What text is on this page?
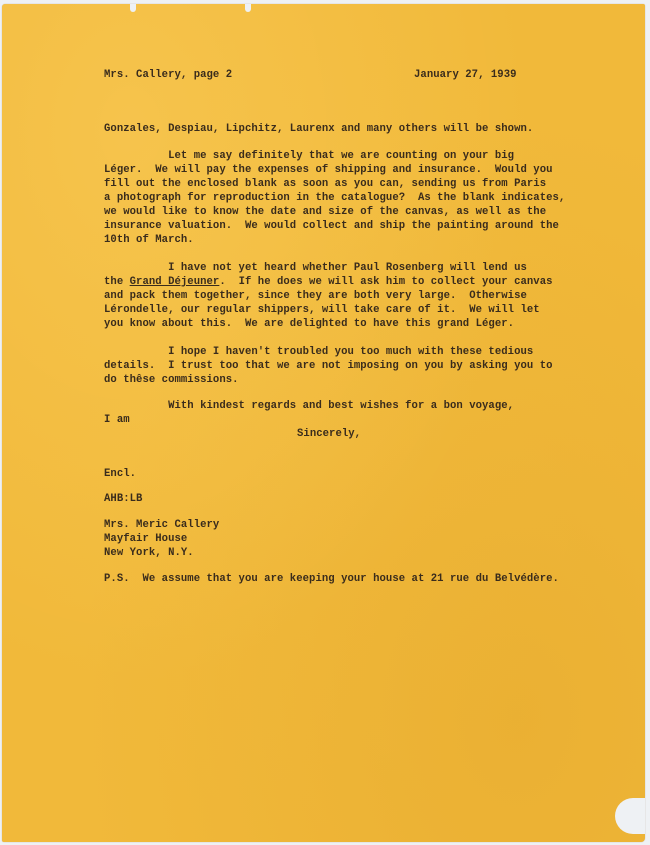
Mrs. Callery, page 2	January 27, 1939
Gonzales, Despiau, Lipchitz, Laurenx and many others will be shown.
Let me say definitely that we are counting on your big
Léger.  We will pay the expenses of shipping and insurance.  Would you
fill out the enclosed blank as soon as you can, sending us from Paris
a photograph for reproduction in the catalogue?  As the blank indicates,
we would like to know the date and size of the canvas, as well as the
insurance valuation.  We would collect and ship the painting around the
10th of March.
I have not yet heard whether Paul Rosenberg will lend us
the Grand Déjeuner.  If he does we will ask him to collect your canvas
and pack them together, since they are both very large.  Otherwise
Lérondelle, our regular shippers, will take care of it.  We will let
you know about this.  We are delighted to have this grand Léger.
I hope I haven't troubled you too much with these tedious
details.  I trust too that we are not imposing on you by asking you to
do thêse commissions.
With kindest regards and best wishes for a bon voyage,
I am
Sincerely,
Encl.
AHB:LB
Mrs. Meric Callery
Mayfair House
New York, N.Y.
P.S.  We assume that you are keeping your house at 21 rue du Belvédère.
